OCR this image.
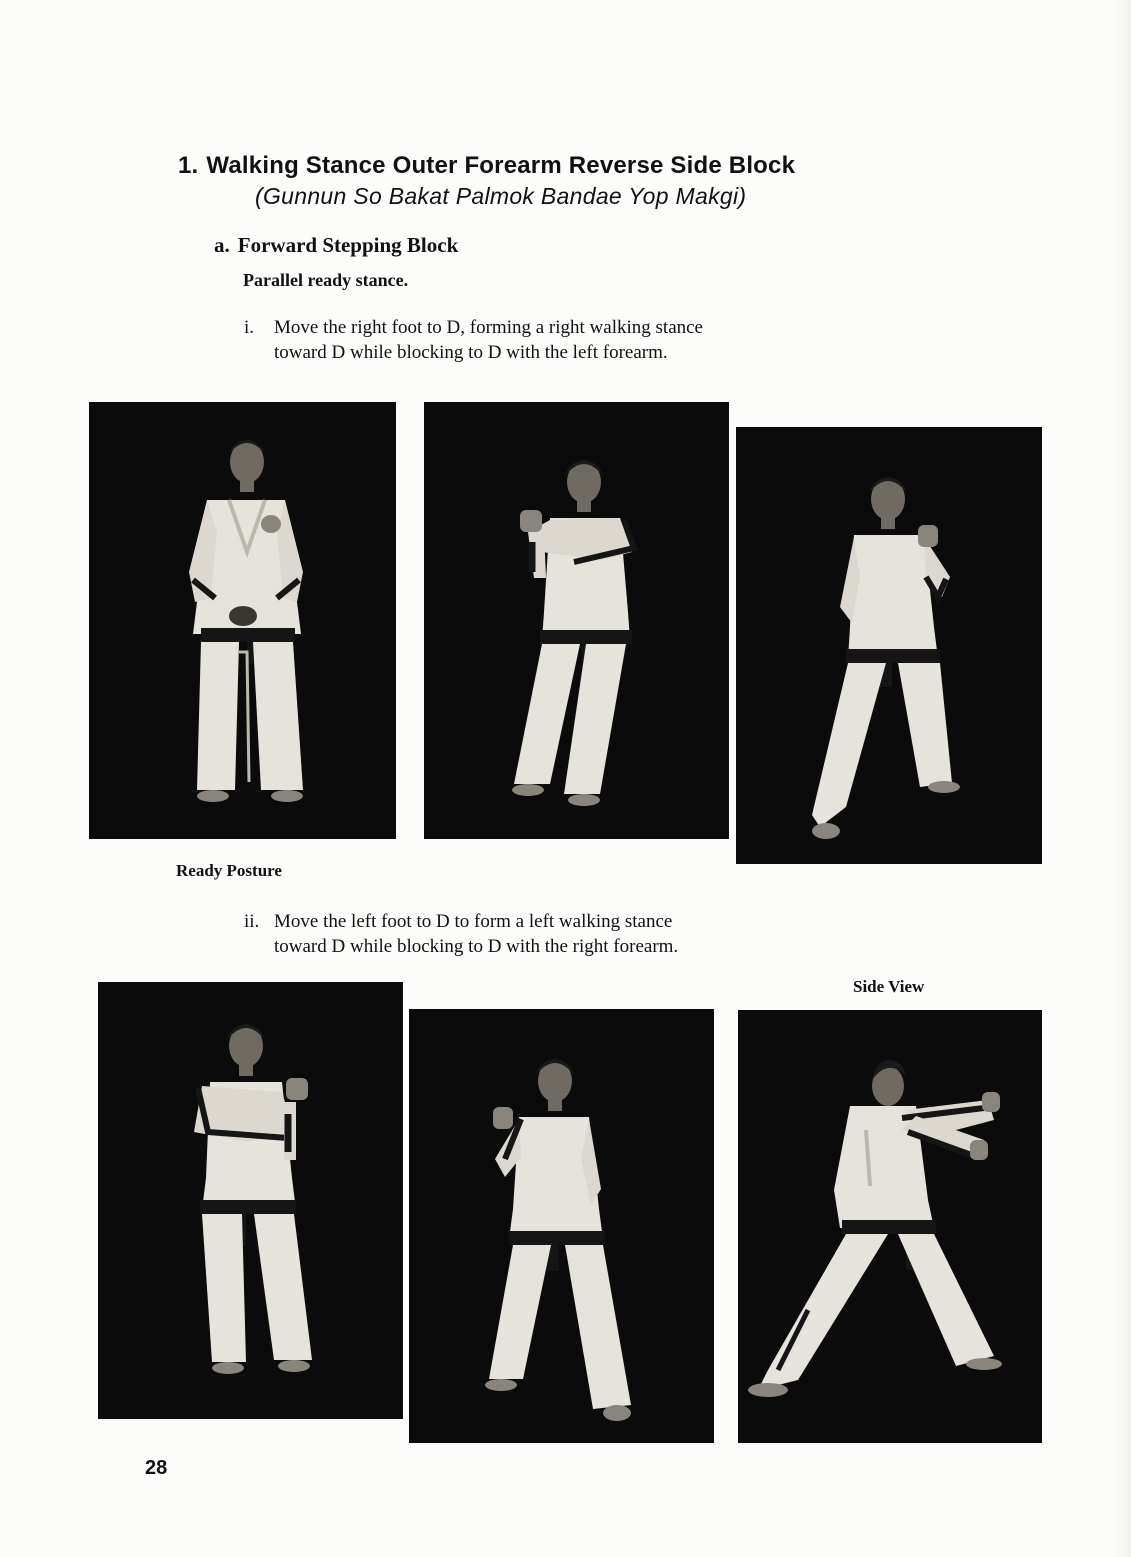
1. Walking Stance Outer Forearm Reverse Side Block
(Gunnun So Bakat Palmok Bandae Yop Makgi)
a. Forward Stepping Block
Parallel ready stance.
i.	Move the right foot to D, forming a right walking stance
toward D while blocking to D with the left forearm.
Ready Posture
ii. Move the left foot to D to form a left walking stance
toward D while blocking to D with the right forearm.
Side View
28
